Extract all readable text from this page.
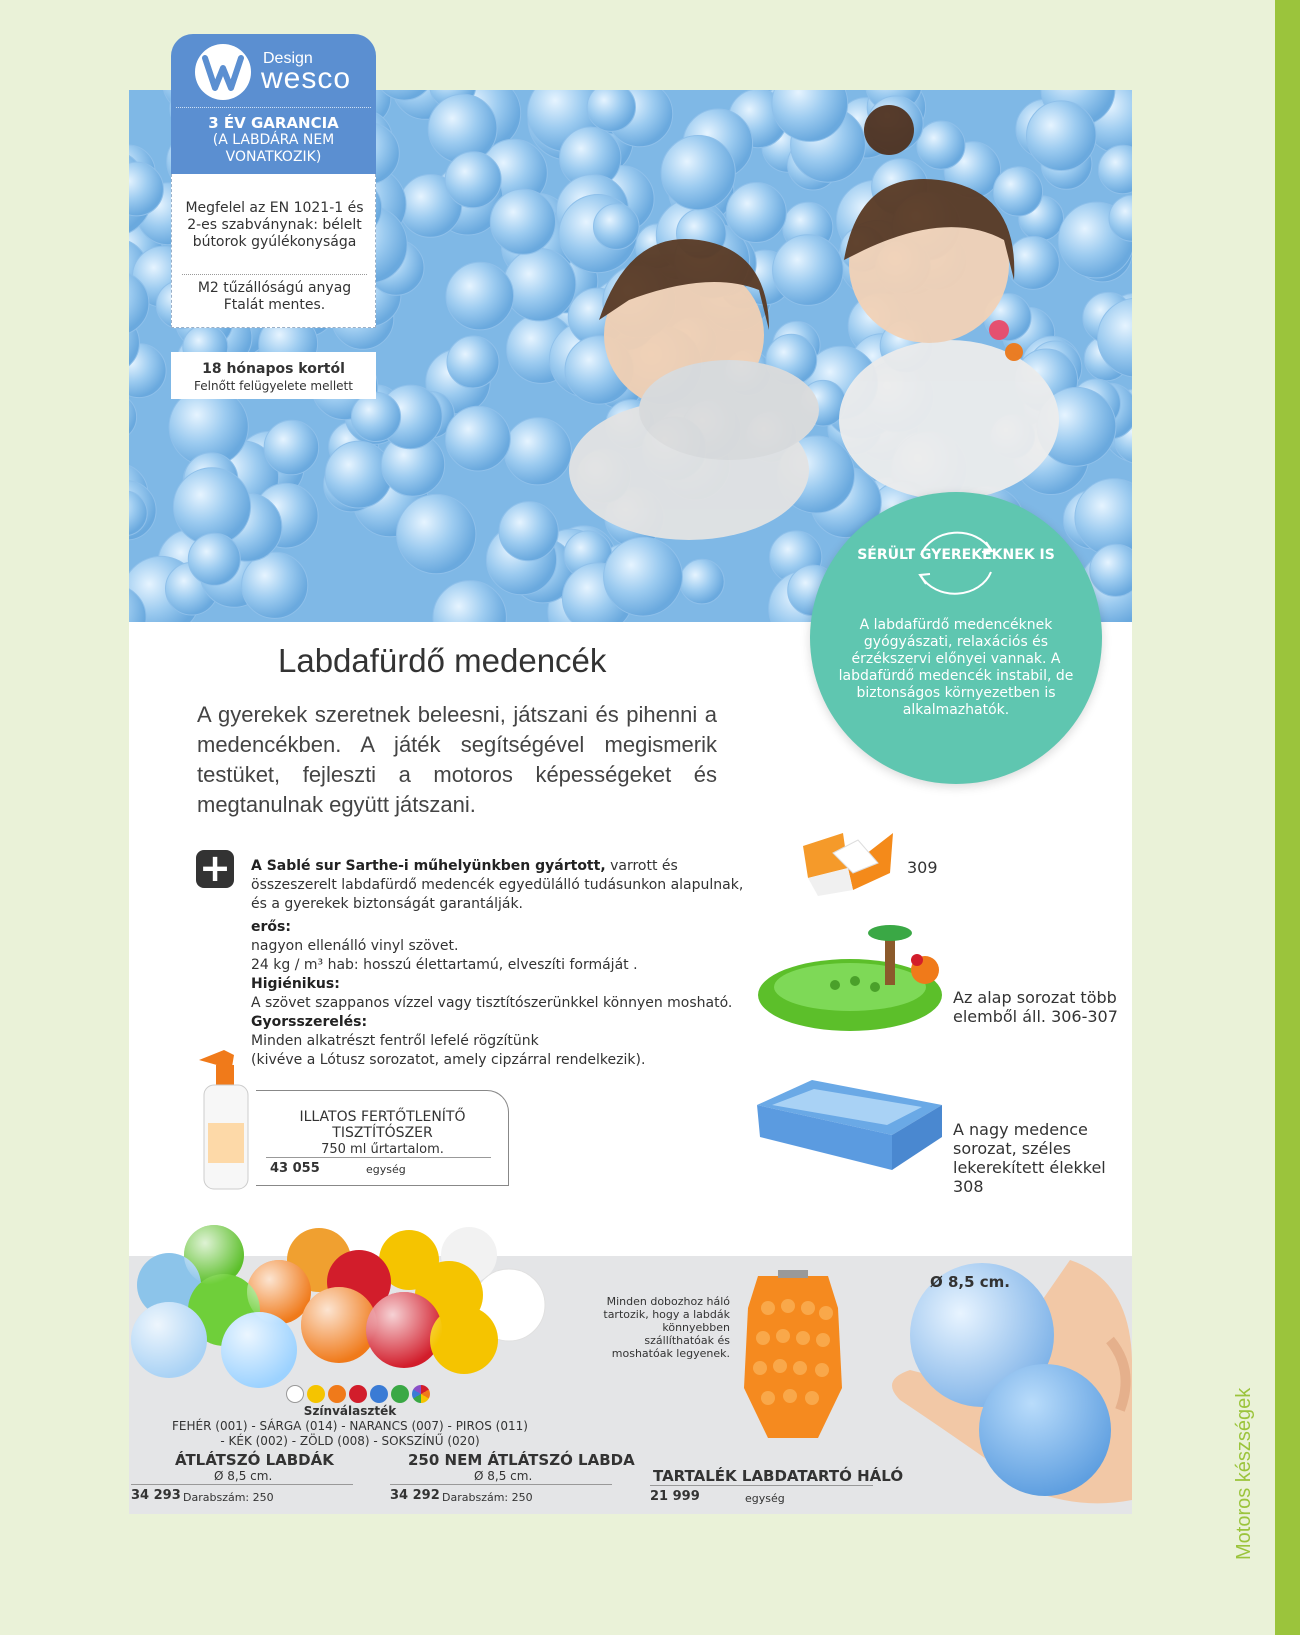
Motoros készségek
Design
wesco
3 ÉV GARANCIA
(A LABDÁRA NEM VONATKOZIK)
Megfelel az EN 1021-1 és 2-es szabványnak: bélelt bútorok gyúlékonysága
M2 tűzállóságú anyag Ftalát mentes.
18 hónapos kortól
Felnőtt felügyelete mellett
SÉRÜLT GYEREKEKNEK IS
A labdafürdő medencéknek gyógyászati, relaxációs és érzékszervi előnyei vannak. A labdafürdő medencék instabil, de biztonságos környezetben is alkalmazhatók.
Labdafürdő medencék
A gyerekek szeretnek beleesni, játszani és pihenni a medencékben. A játék segítségével megismerik testüket, fejleszti a motoros képességeket és megtanulnak együtt játszani.
+ A Sablé sur Sarthe-i műhelyünkben gyártott, varrott és összeszerelt labdafürdő medencék egyedülálló tudásunkon alapulnak, és a gyerekek biztonságát garantálják.

erős:

nagyon ellenálló vinyl szövet.

24 kg / m³ hab: hosszú élettartamú, elveszíti formáját .

Higiénikus:

A szövet szappanos vízzel vagy tisztítószerünkkel könnyen mosható.

Gyorsszerelés:

Minden alkatrészt fentről lefelé rögzítünk

(kivéve a Lótusz sorozatot, amely cipzárral rendelkezik).

309
Az alap sorozat több elemből áll. 306-307
A nagy medence sorozat, széles lekerekített élekkel 308
ILLATOS FERTŐTLENÍTŐ TISZTÍTÓSZER
750 ml űrtartalom.
43 055	egység
Színválaszték
FEHÉR (001) - SÁRGA (014) - NARANCS (007) - PIROS (011) - KÉK (002) - ZÖLD (008) - SOKSZÍNŰ (020)
ÁTLÁTSZÓ LABDÁK
Ø 8,5 cm.
34 293 Darabszám: 250
250 NEM ÁTLÁTSZÓ LABDA
Ø 8,5 cm.
34 292 Darabszám: 250
Minden dobozhoz háló tartozik, hogy a labdák könnyebben szállíthatóak és moshatóak legyenek.
TARTALÉK LABDATARTÓ HÁLÓ
21 999	egység
Ø 8,5 cm.
